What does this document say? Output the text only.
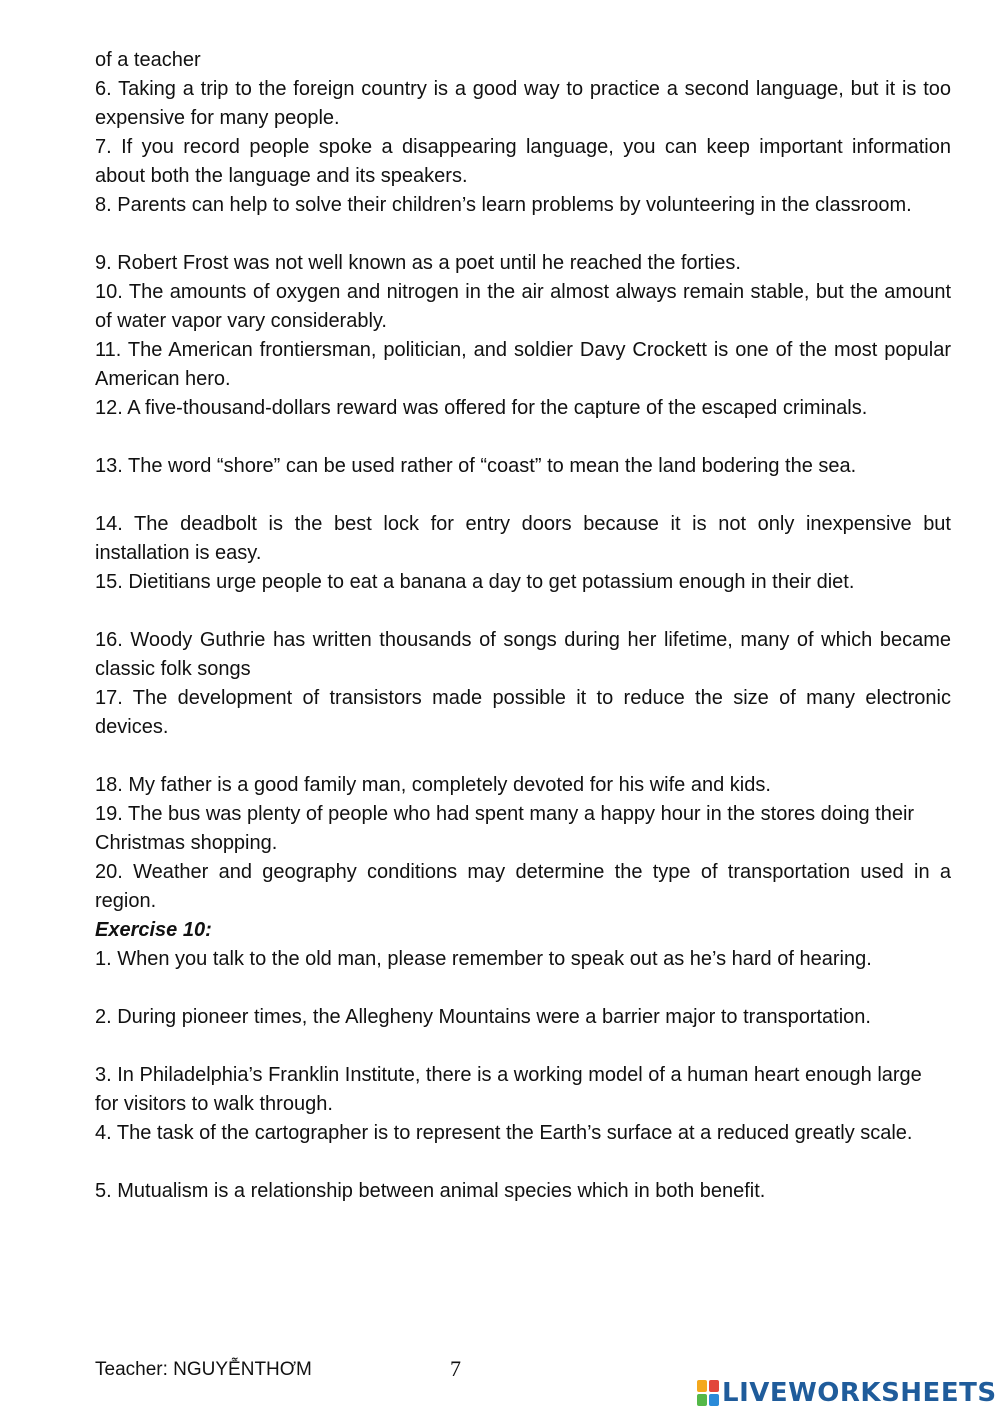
of a teacher

6. Taking a trip to the foreign country is a good way to practice a second language, but it is too expensive for many people.

7. If you record people spoke a disappearing language, you can keep important information about both the language and its speakers.

8. Parents can help to solve their children’s learn problems by volunteering in the classroom.

9. Robert Frost was not well known as a poet until he reached the forties.

10. The amounts of oxygen and nitrogen in the air almost always remain stable, but the amount of water vapor vary considerably.

11. The American frontiersman, politician, and soldier Davy Crockett is one of the most popular American hero.

12. A five-thousand-dollars reward was offered for the capture of the escaped criminals.

13. The word “shore” can be used rather of “coast” to mean the land bodering the sea.

14. The deadbolt is the best lock for entry doors because it is not only inexpensive but installation is easy.

15. Dietitians urge people to eat a banana a day to get potassium enough in their diet.

16. Woody Guthrie has written thousands of songs during her lifetime, many of which became classic folk songs

17. The development of transistors made possible it to reduce the size of many electronic devices.

18. My father is a good family man, completely devoted for his wife and kids.

19. The bus was plenty of people who had spent many a happy hour in the stores doing their

Christmas shopping.

20. Weather and geography conditions may determine the type of transportation used in a region.

Exercise 10:

1. When you talk to the old man, please remember to speak out as he’s hard of hearing.

2. During pioneer times, the Allegheny Mountains were a barrier major to transportation.

3. In Philadelphia’s Franklin Institute, there is a working model of a human heart enough large

for visitors to walk through.

4. The task of the cartographer is to represent the Earth’s surface at a reduced greatly scale.

5. Mutualism is a relationship between animal species which in both benefit.

Teacher: NGUYỄNTHƠM	7
LIVEWORKSHEETS
